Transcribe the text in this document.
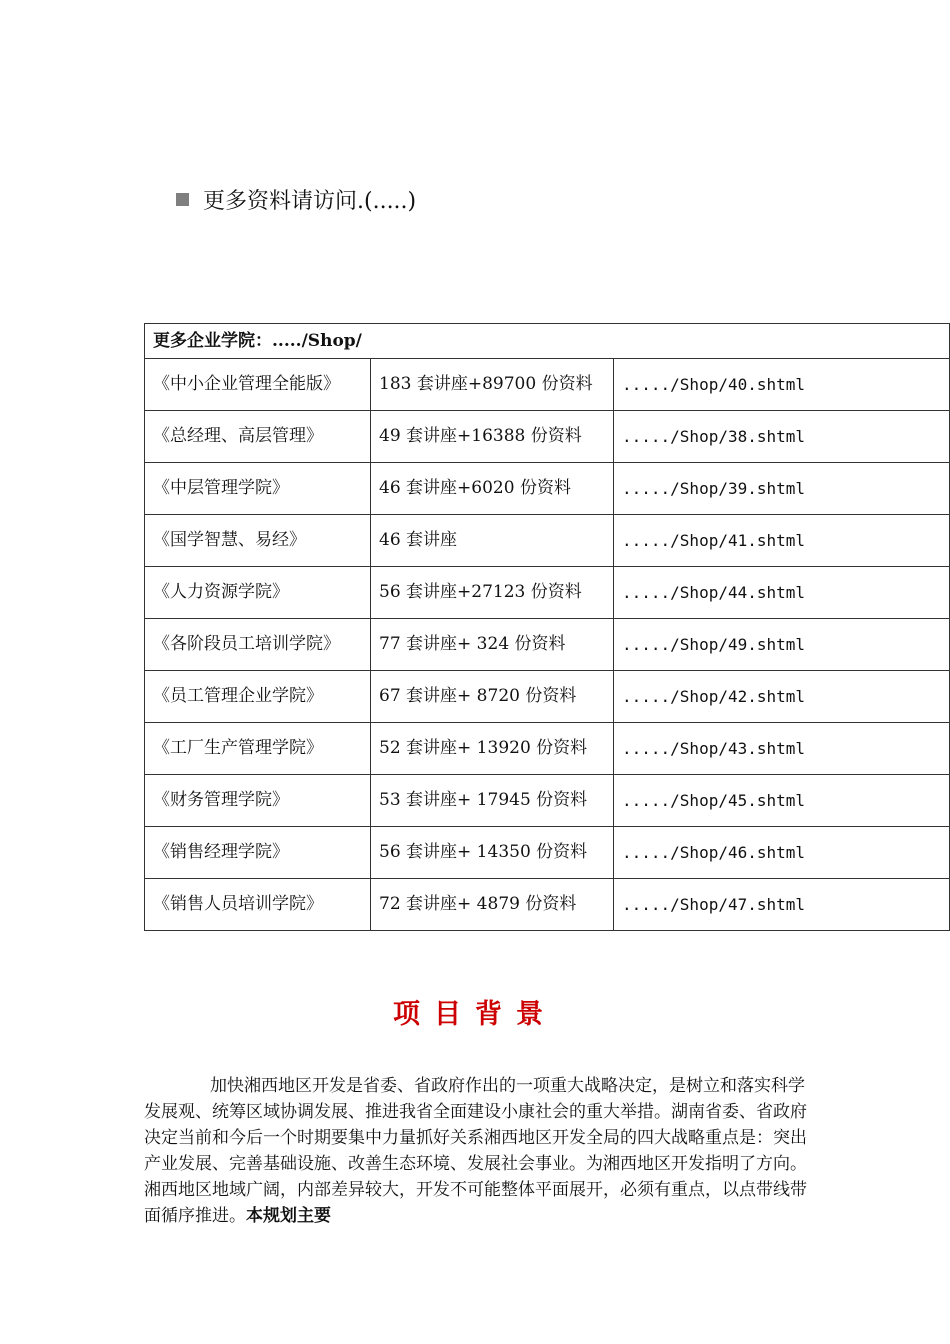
更多资料请访问.(.....)
更多企业学院：...../Shop/		
《中小企业管理全能版》	183 套讲座+89700 份资料	...../Shop/40.shtml
《总经理、高层管理》	49 套讲座+16388 份资料	...../Shop/38.shtml
《中层管理学院》	46 套讲座+6020 份资料	...../Shop/39.shtml
《国学智慧、易经》	46 套讲座	...../Shop/41.shtml
《人力资源学院》	56 套讲座+27123 份资料	...../Shop/44.shtml
《各阶段员工培训学院》	77 套讲座+ 324 份资料	...../Shop/49.shtml
《员工管理企业学院》	67 套讲座+ 8720 份资料	...../Shop/42.shtml
《工厂生产管理学院》	52 套讲座+ 13920 份资料	...../Shop/43.shtml
《财务管理学院》	53 套讲座+ 17945 份资料	...../Shop/45.shtml
《销售经理学院》	56 套讲座+ 14350 份资料	...../Shop/46.shtml
《销售人员培训学院》	72 套讲座+ 4879 份资料	...../Shop/47.shtml
项目背景

加快湘西地区开发是省委、省政府作出的一项重大战略决定，是树立和落实科学发展观、统筹区域协调发展、推进我省全面建设小康社会的重大举措。湖南省委、省政府决定当前和今后一个时期要集中力量抓好关系湘西地区开发全局的四大战略重点是：突出产业发展、完善基础设施、改善生态环境、发展社会事业。为湘西地区开发指明了方向。湘西地区地域广阔，内部差异较大，开发不可能整体平面展开，必须有重点，以点带线带面循序推进。本规划主要
